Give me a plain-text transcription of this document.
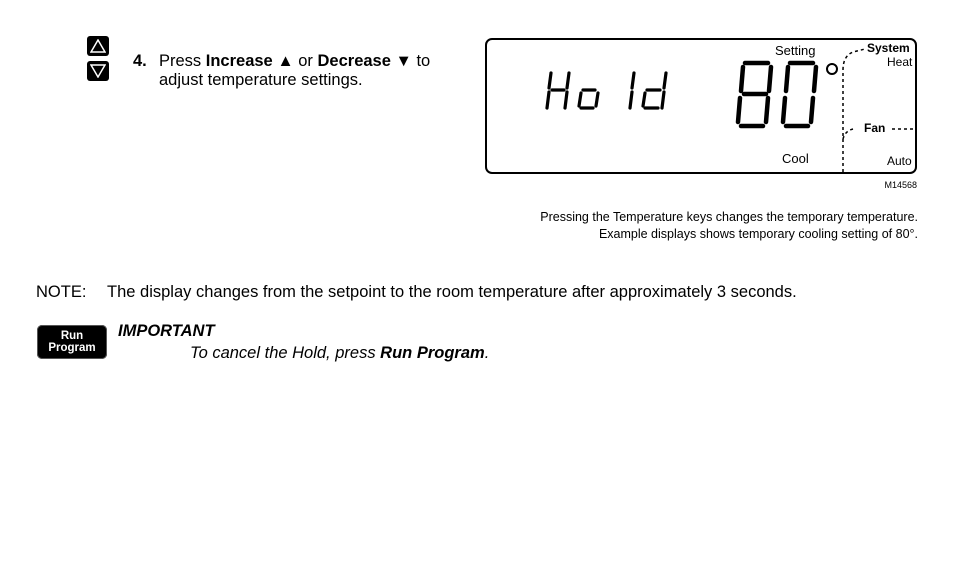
4. Press Increase ▲ or Decrease ▼ to
adjust temperature settings.
Setting	System
Heat
Fan
Cool	Auto
M14568
Pressing the Temperature keys changes the temporary temperature.
Example displays shows temporary cooling setting of 80°.
NOTE: The display changes from the setpoint to the room temperature after approximately 3 seconds.
Run
Program
IMPORTANT
To cancel the Hold, press Run Program.
